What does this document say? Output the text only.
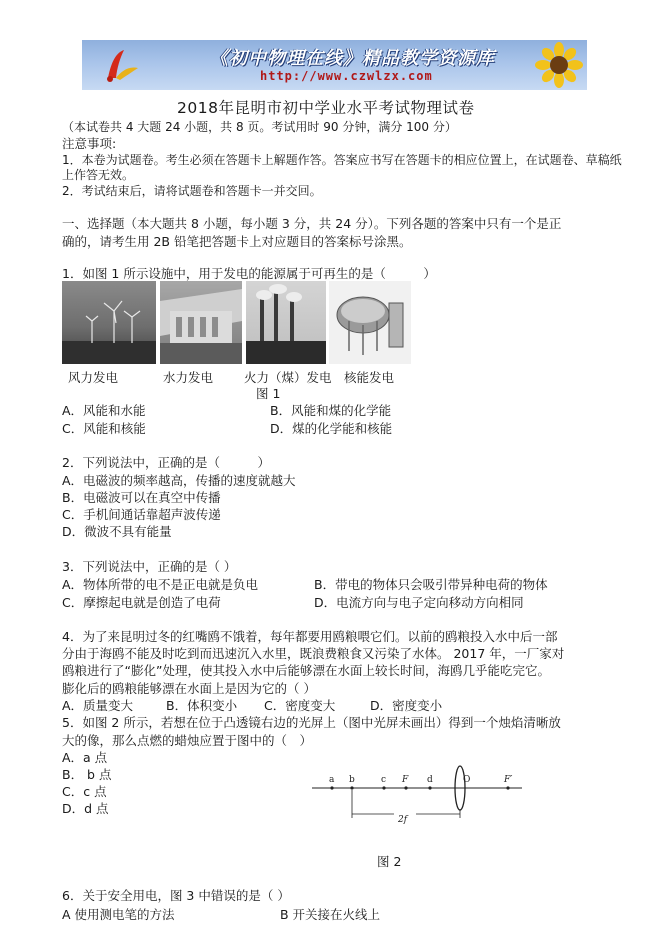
《初中物理在线》精品教学资源库
http://www.czwlzx.com
2018年昆明市初中学业水平考试物理试卷
（本试卷共 4 大题 24 小题，共 8 页。考试用时 90 分钟，满分 100 分）
注意事项:
1．本卷为试题卷。考生必须在答题卡上解题作答。答案应书写在答题卡的相应位置上，在试题卷、草稿纸
上作答无效。
2．考试结束后，请将试题卷和答题卡一并交回。
一、选择题（本大题共 8 小题，每小题 3 分，共 24 分）。下列各题的答案中只有一个是正
确的，请考生用 2B 铅笔把答题卡上对应题目的答案标号涂黑。
1．如图 1 所示设施中，用于发电的能源属于可再生的是（　　　）
风力发电	水力发电 火力（煤）发电 核能发电
图 1
A．风能和水能	B．风能和煤的化学能
C．风能和核能	D．煤的化学能和核能
2．下列说法中，正确的是（　　　）
A．电磁波的频率越高，传播的速度就越大
B．电磁波可以在真空中传播
C．手机间通话靠超声波传递
D．微波不具有能量
3．下列说法中，正确的是（ ）
A．物体所带的电不是正电就是负电	B．带电的物体只会吸引带异种电荷的物体
C．摩擦起电就是创造了电荷	D．电流方向与电子定向移动方向相同
4．为了来昆明过冬的红嘴鸥不饿着，每年都要用鸥粮喂它们。以前的鸥粮投入水中后一部
分由于海鸥不能及时吃到而迅速沉入水里，既浪费粮食又污染了水体。 2017 年，一厂家对
鸥粮进行了“膨化”处理，使其投入水中后能够漂在水面上较长时间，海鸥几乎能吃完它。
膨化后的鸥粮能够漂在水面上是因为它的（ ）
A．质量变大	B．体积变小 C．密度变大	D．密度变小
5．如图 2 所示，若想在位于凸透镜右边的光屏上（图中光屏未画出）得到一个烛焰清晰放
大的像，那么点燃的蜡烛应置于图中的（　）
A．a 点
B． b 点
C．c 点
D．d 点
a b	c F d	O	F′
2f
图 2
6．关于安全用电，图 3 中错误的是（ ）
A 使用测电笔的方法	B 开关接在火线上
